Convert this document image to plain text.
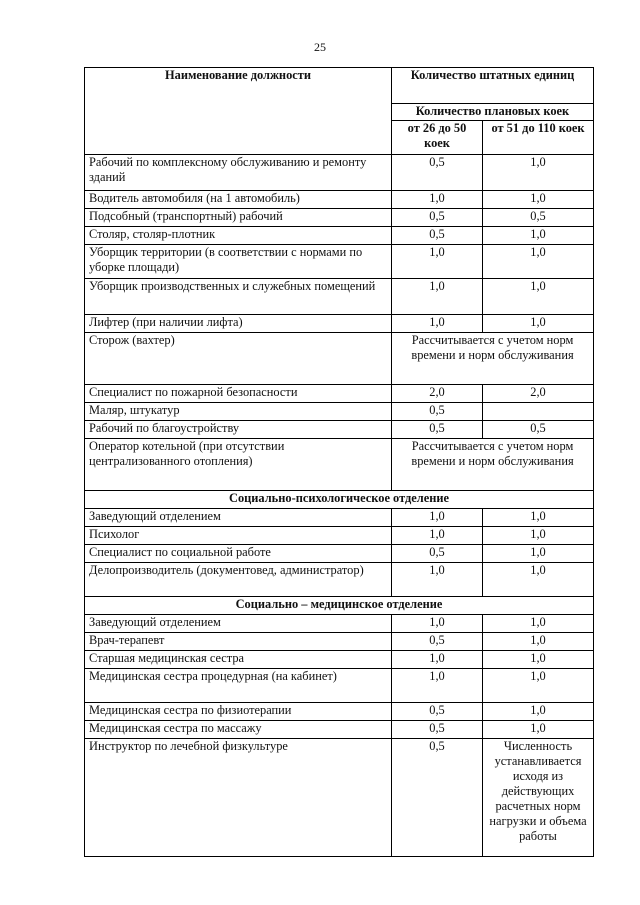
25
Наименование должности	Количество штатных единиц	
	Количество плановых коек	
	от 26 до 50 коек	от 51 до 110 коек
Рабочий по комплексному обслуживанию и ремонту зданий	0,5	1,0
Водитель автомобиля (на 1 автомобиль)	1,0	1,0
Подсобный (транспортный) рабочий	0,5	0,5
Столяр, столяр-плотник	0,5	1,0
Уборщик территории (в соответствии с нормами по уборке площади)	1,0	1,0
Уборщик производственных и служебных помещений	1,0	1,0
Лифтер (при наличии лифта)	1,0	1,0
Сторож (вахтер)	Рассчитывается с учетом норм времени и норм обслуживания	
Специалист по пожарной безопасности	2,0	2,0
Маляр, штукатур	0,5	
Рабочий по благоустройству	0,5	0,5
Оператор котельной (при отсутствии централизованного отопления)	Рассчитывается с учетом норм времени и норм обслуживания	
Социально-психологическое отделение		
Заведующий отделением	1,0	1,0
Психолог	1,0	1,0
Специалист по социальной работе	0,5	1,0
Делопроизводитель (документовед, администратор)	1,0	1,0
Социально – медицинское отделение		
Заведующий отделением	1,0	1,0
Врач-терапевт	0,5	1,0
Старшая медицинская сестра	1,0	1,0
Медицинская сестра процедурная (на кабинет)	1,0	1,0
Медицинская сестра по физиотерапии	0,5	1,0
Медицинская сестра по массажу	0,5	1,0
Инструктор по лечебной физкультуре	0,5	Численность устанавливается исходя из действующих расчетных норм нагрузки и объема работы
